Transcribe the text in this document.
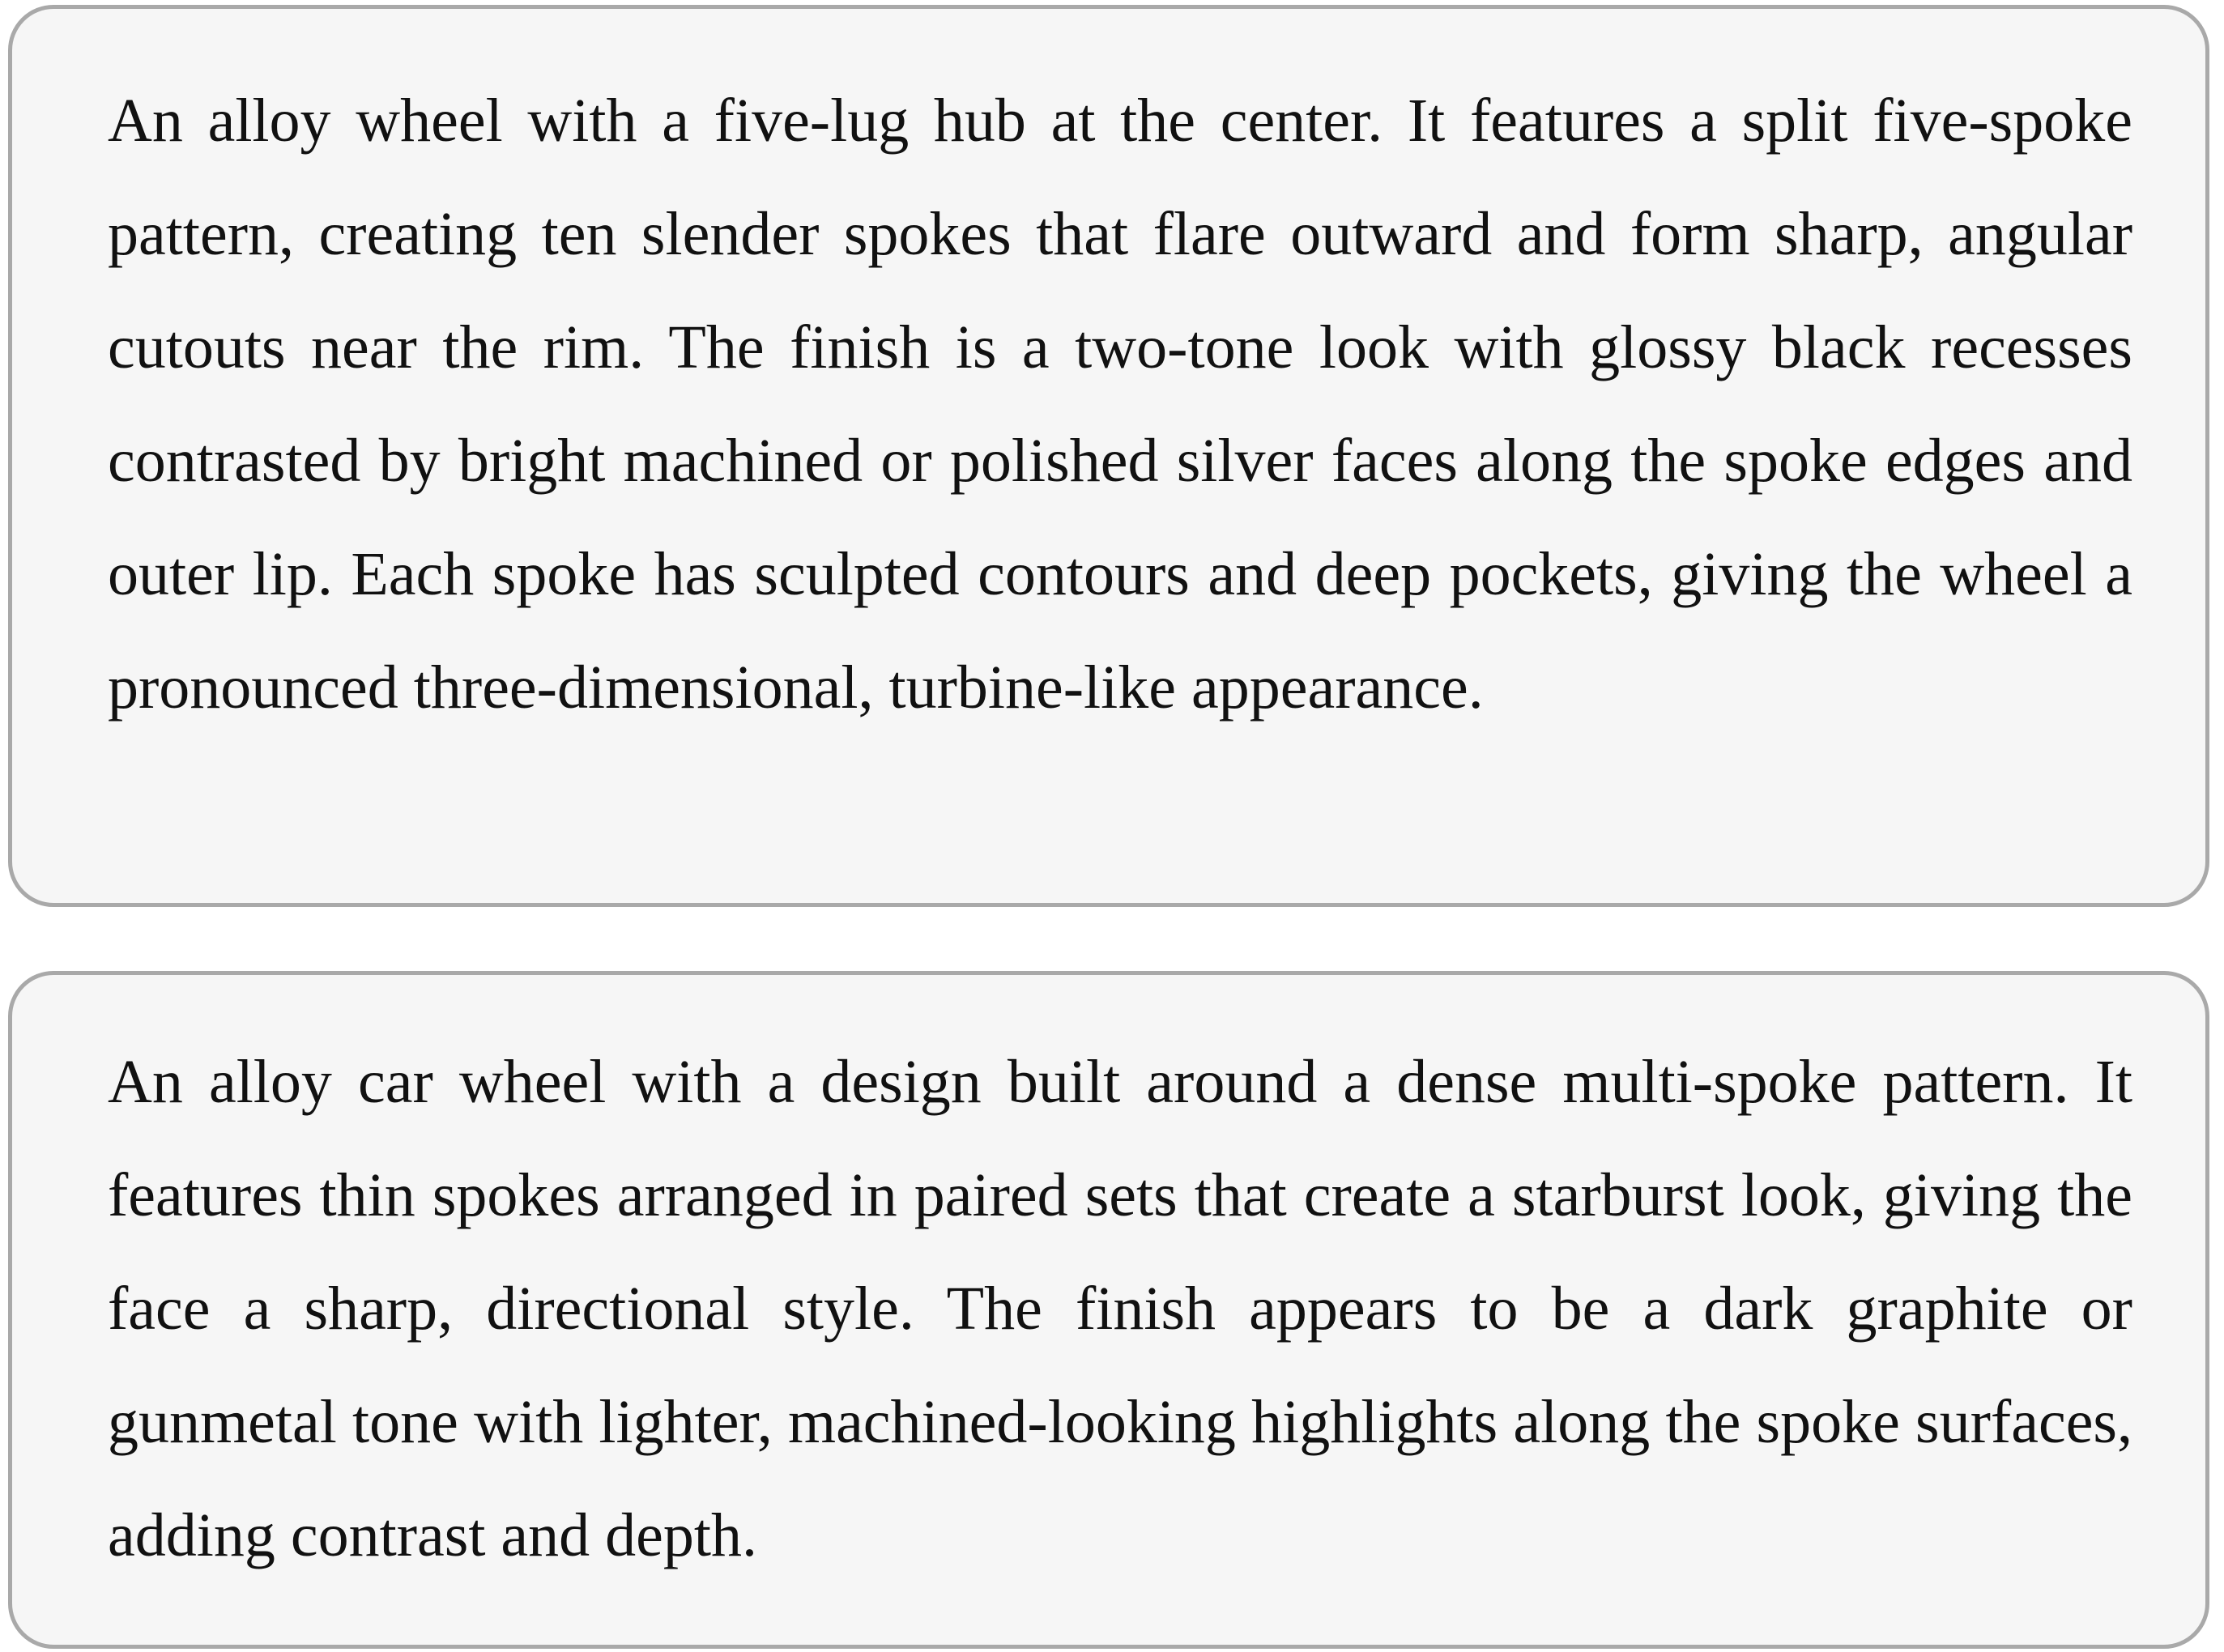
An alloy wheel with a five-lug hub at the center. It features a split five-spoke pattern, creating ten slender spokes that flare outward and form sharp, angular cutouts near the rim. The finish is a two-tone look with glossy black recesses contrasted by bright machined or polished silver faces along the spoke edges and outer lip. Each spoke has sculpted contours and deep pockets, giving the wheel a pronounced three-dimensional, turbine-like appearance.

An alloy car wheel with a design built around a dense multi-spoke pattern. It features thin spokes arranged in paired sets that create a starburst look, giving the face a sharp, directional style. The finish appears to be a dark graphite or gunmetal tone with lighter, machined-looking highlights along the spoke surfaces, adding contrast and depth.
